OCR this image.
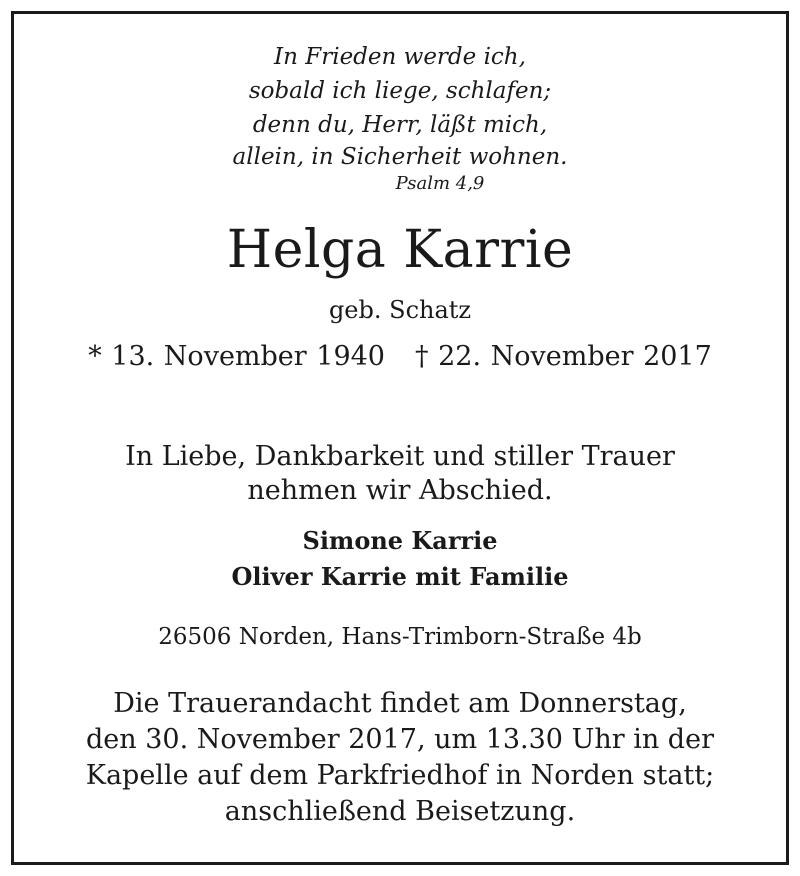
In Frieden werde ich,
sobald ich liege, schlafen;
denn du, Herr, läßt mich,
allein, in Sicherheit wohnen.
Psalm 4,9
Helga Karrie
geb. Schatz
* 13. November 1940 † 22. November 2017
In Liebe, Dankbarkeit und stiller Trauer
nehmen wir Abschied.
Simone Karrie
Oliver Karrie mit Familie
26506 Norden, Hans-Trimborn-Straße 4b
Die Trauerandacht findet am Donnerstag,
den 30. November 2017, um 13.30 Uhr in der
Kapelle auf dem Parkfriedhof in Norden statt;
anschließend Beisetzung.
